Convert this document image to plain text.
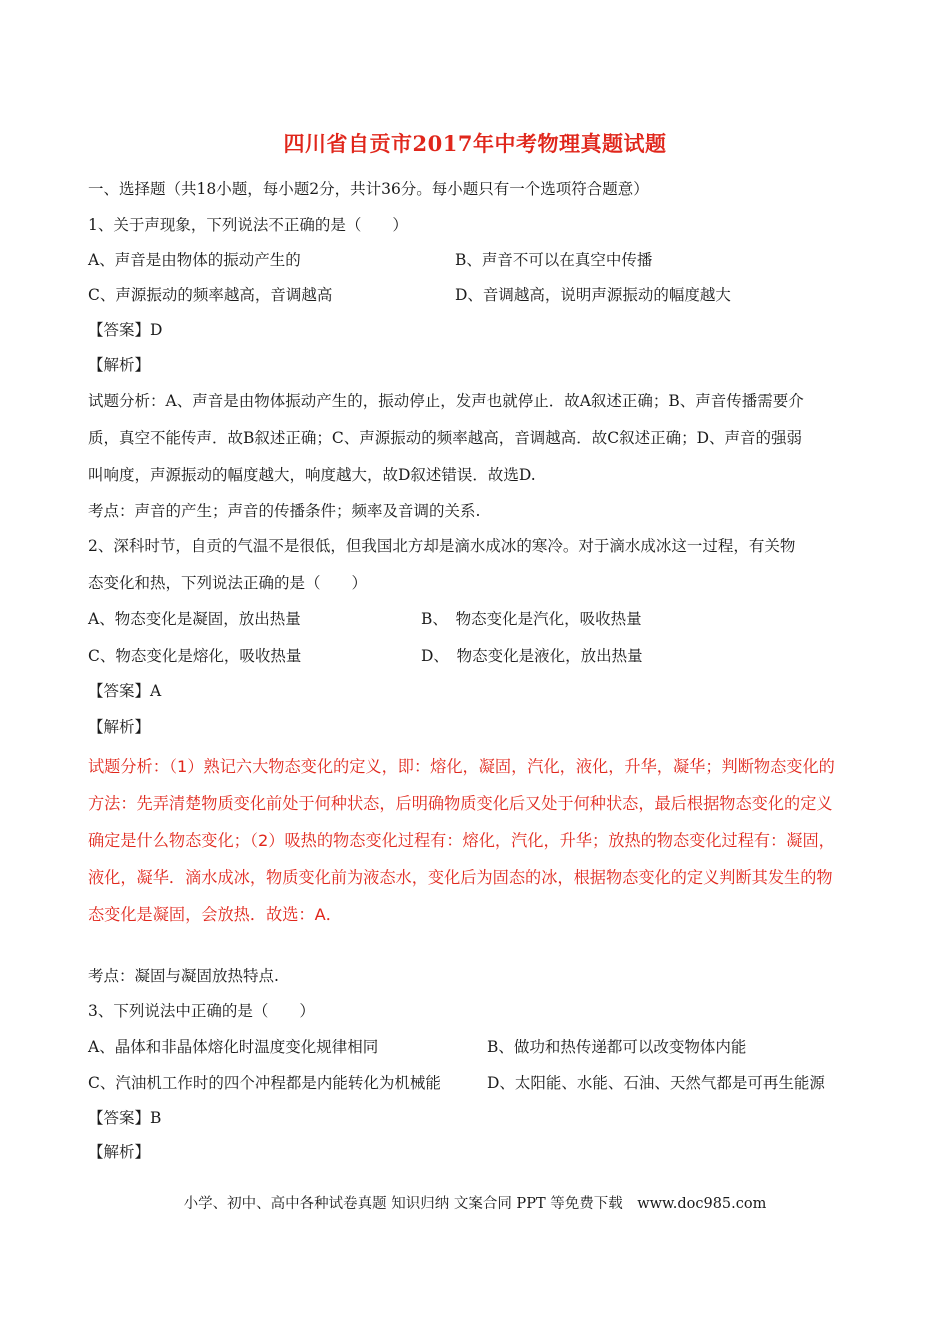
四川省自贡市2017年中考物理真题试题
一、选择题（共18小题，每小题2分，共计36分。每小题只有一个选项符合题意）
1、关于声现象，下列说法不正确的是（　　）
A、声音是由物体的振动产生的	B、声音不可以在真空中传播
C、声源振动的频率越高，音调越高	D、音调越高，说明声源振动的幅度越大
【答案】D
【解析】
试题分析：A、声音是由物体振动产生的，振动停止，发声也就停止．故A叙述正确；B、声音传播需要介
质，真空不能传声．故B叙述正确；C、声源振动的频率越高，音调越高．故C叙述正确；D、声音的强弱
叫响度，声源振动的幅度越大，响度越大，故D叙述错误．故选D.
考点：声音的产生；声音的传播条件；频率及音调的关系.
2、深科时节，自贡的气温不是很低，但我国北方却是滴水成冰的寒冷。对于滴水成冰这一过程，有关物
态变化和热，下列说法正确的是（　　）
A、物态变化是凝固，放出热量	B、　物态变化是汽化，吸收热量
C、物态变化是熔化，吸收热量	D、　物态变化是液化，放出热量
【答案】A
【解析】
试题分析：（1）熟记六大物态变化的定义，即：熔化，凝固，汽化，液化，升华，凝华；判断物态变化的
方法：先弄清楚物质变化前处于何种状态，后明确物质变化后又处于何种状态，最后根据物态变化的定义
确定是什么物态变化；（2）吸热的物态变化过程有：熔化，汽化，升华；放热的物态变化过程有：凝固，
液化，凝华．滴水成冰，物质变化前为液态水，变化后为固态的冰，根据物态变化的定义判断其发生的物
态变化是凝固，会放热．故选：A．
考点：凝固与凝固放热特点.
3、下列说法中正确的是（　　）
A、晶体和非晶体熔化时温度变化规律相同	B、做功和热传递都可以改变物体内能
C、汽油机工作时的四个冲程都是内能转化为机械能	D、太阳能、水能、石油、天然气都是可再生能源
【答案】B
【解析】
小学、初中、高中各种试卷真题 知识归纳 文案合同 PPT 等免费下载　www.doc985.com
